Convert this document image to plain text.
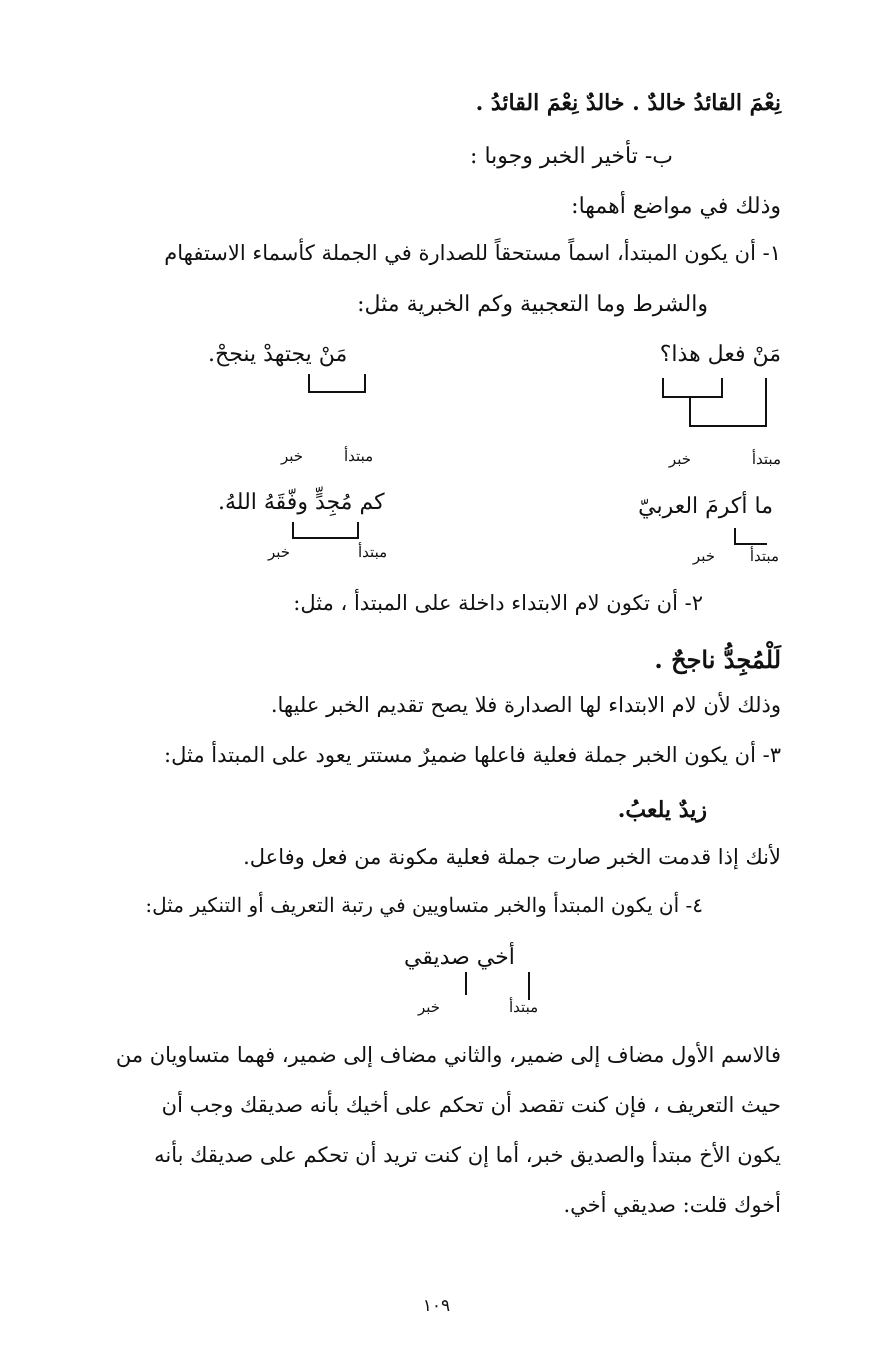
نِعْمَ القائدُ خالدٌ . خالدٌ نِعْمَ القائدُ .
ب- تأخير الخبر وجوبا :
وذلك في مواضع أهمها:
١- أن يكون المبتدأ، اسماً مستحقاً للصدارة في الجملة كأسماء الاستفهام
والشرط وما التعجبية وكم الخبرية مثل:
مَنْ فعل هذا؟
مَنْ يجتهدْ ينجحْ.
مبتدأ
خبر
مبتدأ
خبر
ما أكرمَ العربيّ
كم مُجِدٍّ وفّقَهُ اللهُ.
مبتدأ
خبر
مبتدأ
خبر
٢- أن تكون لام الابتداء داخلة على المبتدأ ، مثل:
لَلْمُجِدُّ ناجحٌ .
وذلك لأن لام الابتداء لها الصدارة فلا يصح تقديم الخبر عليها.
٣- أن يكون الخبر جملة فعلية فاعلها ضميرٌ مستتر يعود على المبتدأ مثل:
زيدٌ يلعبُ.
لأنك إذا قدمت الخبر صارت جملة فعلية مكونة من فعل وفاعل.
٤- أن يكون المبتدأ والخبر متساويين في رتبة التعريف أو التنكير مثل:
أخي صديقي
مبتدأ
خبر
فالاسم الأول مضاف إلى ضمير، والثاني مضاف إلى ضمير، فهما متساويان من
حيث التعريف ، فإن كنت تقصد أن تحكم على أخيك بأنه صديقك وجب أن
يكون الأخ مبتدأ والصديق خبر، أما إن كنت تريد أن تحكم على صديقك بأنه
أخوك قلت: صديقي أخي.
١٠٩
